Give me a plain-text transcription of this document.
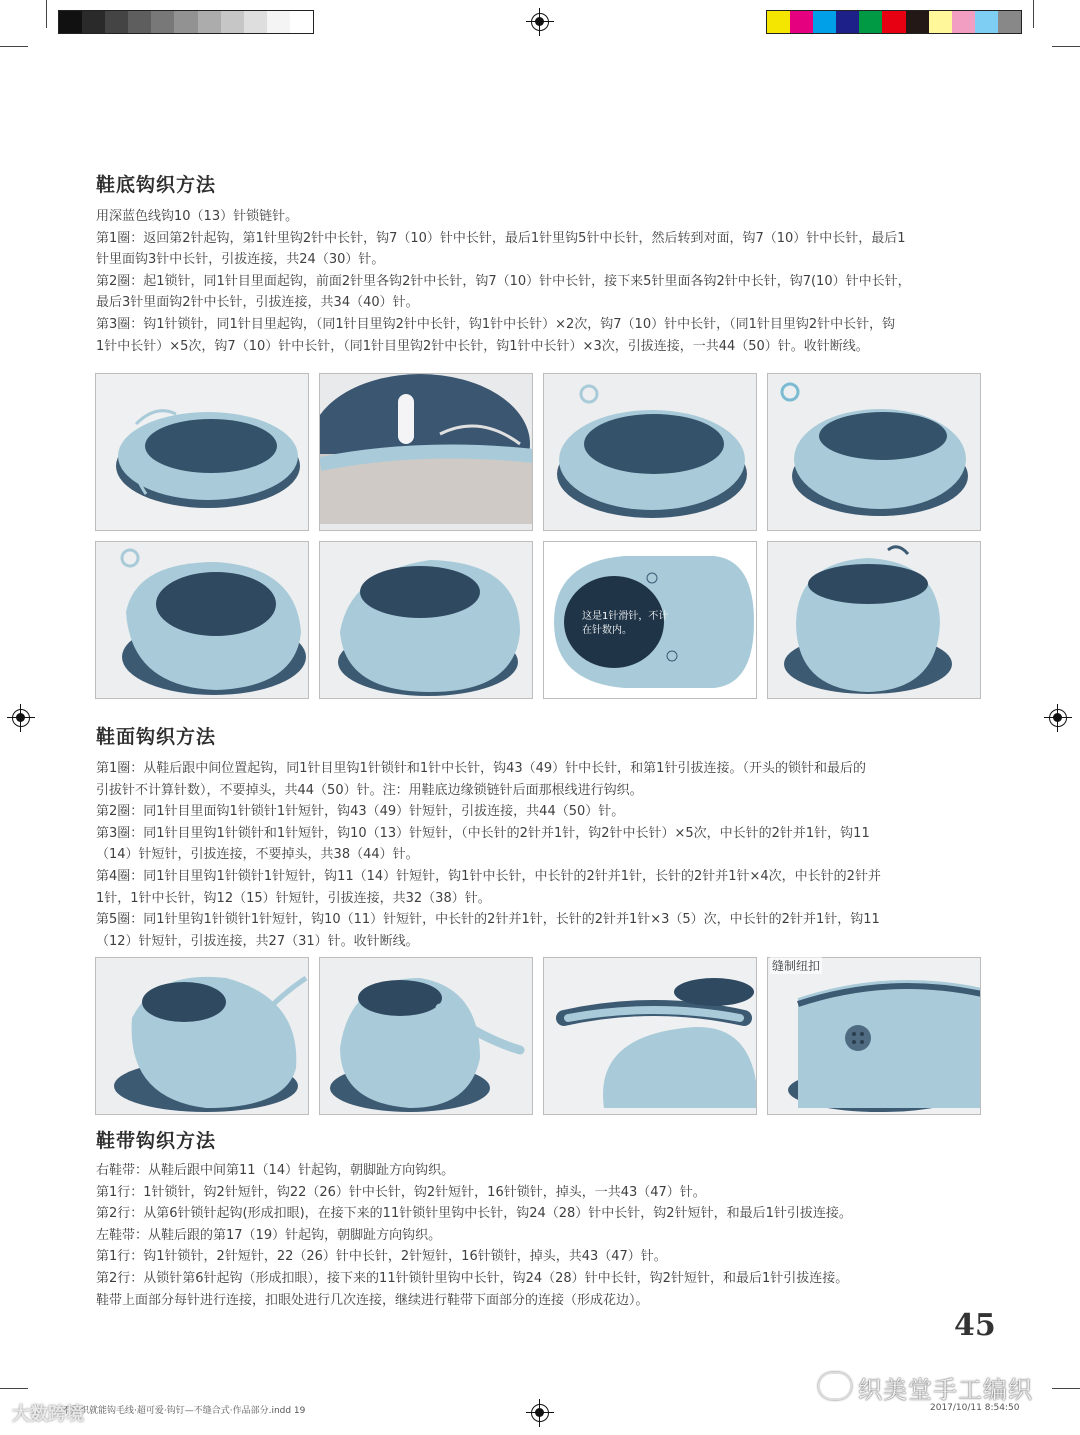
鞋底钩织方法

用深蓝色线钩10（13）针锁链针。

第1圈：返回第2针起钩，第1针里钩2针中长针，钩7（10）针中长针，最后1针里钩5针中长针，然后转到对面，钩7（10）针中长针，最后1

针里面钩3针中长针，引拔连接，共24（30）针。

第2圈：起1锁针，同1针目里面起钩，前面2针里各钩2针中长针，钩7（10）针中长针，接下来5针里面各钩2针中长针，钩7(10）针中长针，

最后3针里面钩2针中长针，引拔连接，共34（40）针。

第3圈：钩1针锁针，同1针目里起钩，（同1针目里钩2针中长针，钩1针中长针）×2次，钩7（10）针中长针，（同1针目里钩2针中长针，钩

1针中长针）×5次，钩7（10）针中长针，（同1针目里钩2针中长针，钩1针中长针）×3次，引拔连接，一共44（50）针。收针断线。

这是1针滑针，不计在针数内。
鞋面钩织方法

第1圈：从鞋后跟中间位置起钩，同1针目里钩1针锁针和1针中长针，钩43（49）针中长针，和第1针引拔连接。（开头的锁针和最后的

引拔针不计算针数），不要掉头，共44（50）针。注：用鞋底边缘锁链针后面那根线进行钩织。

第2圈：同1针目里面钩1针锁针1针短针，钩43（49）针短针，引拔连接，共44（50）针。

第3圈：同1针目里钩1针锁针和1针短针，钩10（13）针短针，（中长针的2针并1针，钩2针中长针）×5次，中长针的2针并1针，钩11

（14）针短针，引拔连接，不要掉头，共38（44）针。

第4圈：同1针目里钩1针锁针1针短针，钩11（14）针短针，钩1针中长针，中长针的2针并1针，长针的2针并1针×4次，中长针的2针并

1针，1针中长针，钩12（15）针短针，引拔连接，共32（38）针。

第5圈：同1针里钩1针锁针1针短针，钩10（11）针短针，中长针的2针并1针，长针的2针并1针×3（5）次，中长针的2针并1针，钩11

（12）针短针，引拔连接，共27（31）针。收针断线。

缝制纽扣
鞋带钩织方法

右鞋带：从鞋后跟中间第11（14）针起钩，朝脚趾方向钩织。

第1行：1针锁针，钩2针短针，钩22（26）针中长针，钩2针短针，16针锁针，掉头，一共43（47）针。

第2行：从第6针锁针起钩(形成扣眼)，在接下来的11针锁针里钩中长针，钩24（28）针中长针，钩2针短针，和最后1针引拔连接。

左鞋带：从鞋后跟的第17（19）针起钩，朝脚趾方向钩织。

第1行：钩1针锁针，2针短针，22（26）针中长针，2针短针，16针锁针，掉头，共43（47）针。

第2行：从锁针第6针起钩（形成扣眼），接下来的11针锁针里钩中长针，钩24（28）针中长针，钩2针短针，和最后1针引拔连接。

鞋带上面部分每针进行连接，扣眼处进行几次连接，继续进行鞋带下面部分的连接（形成花边）。

45
不用织就能钩毛线·超可爱·钩钉—不缝合式·作品部分.indd 19	2017/10/11 8:54:50
大数跨境
织美堂手工编织
